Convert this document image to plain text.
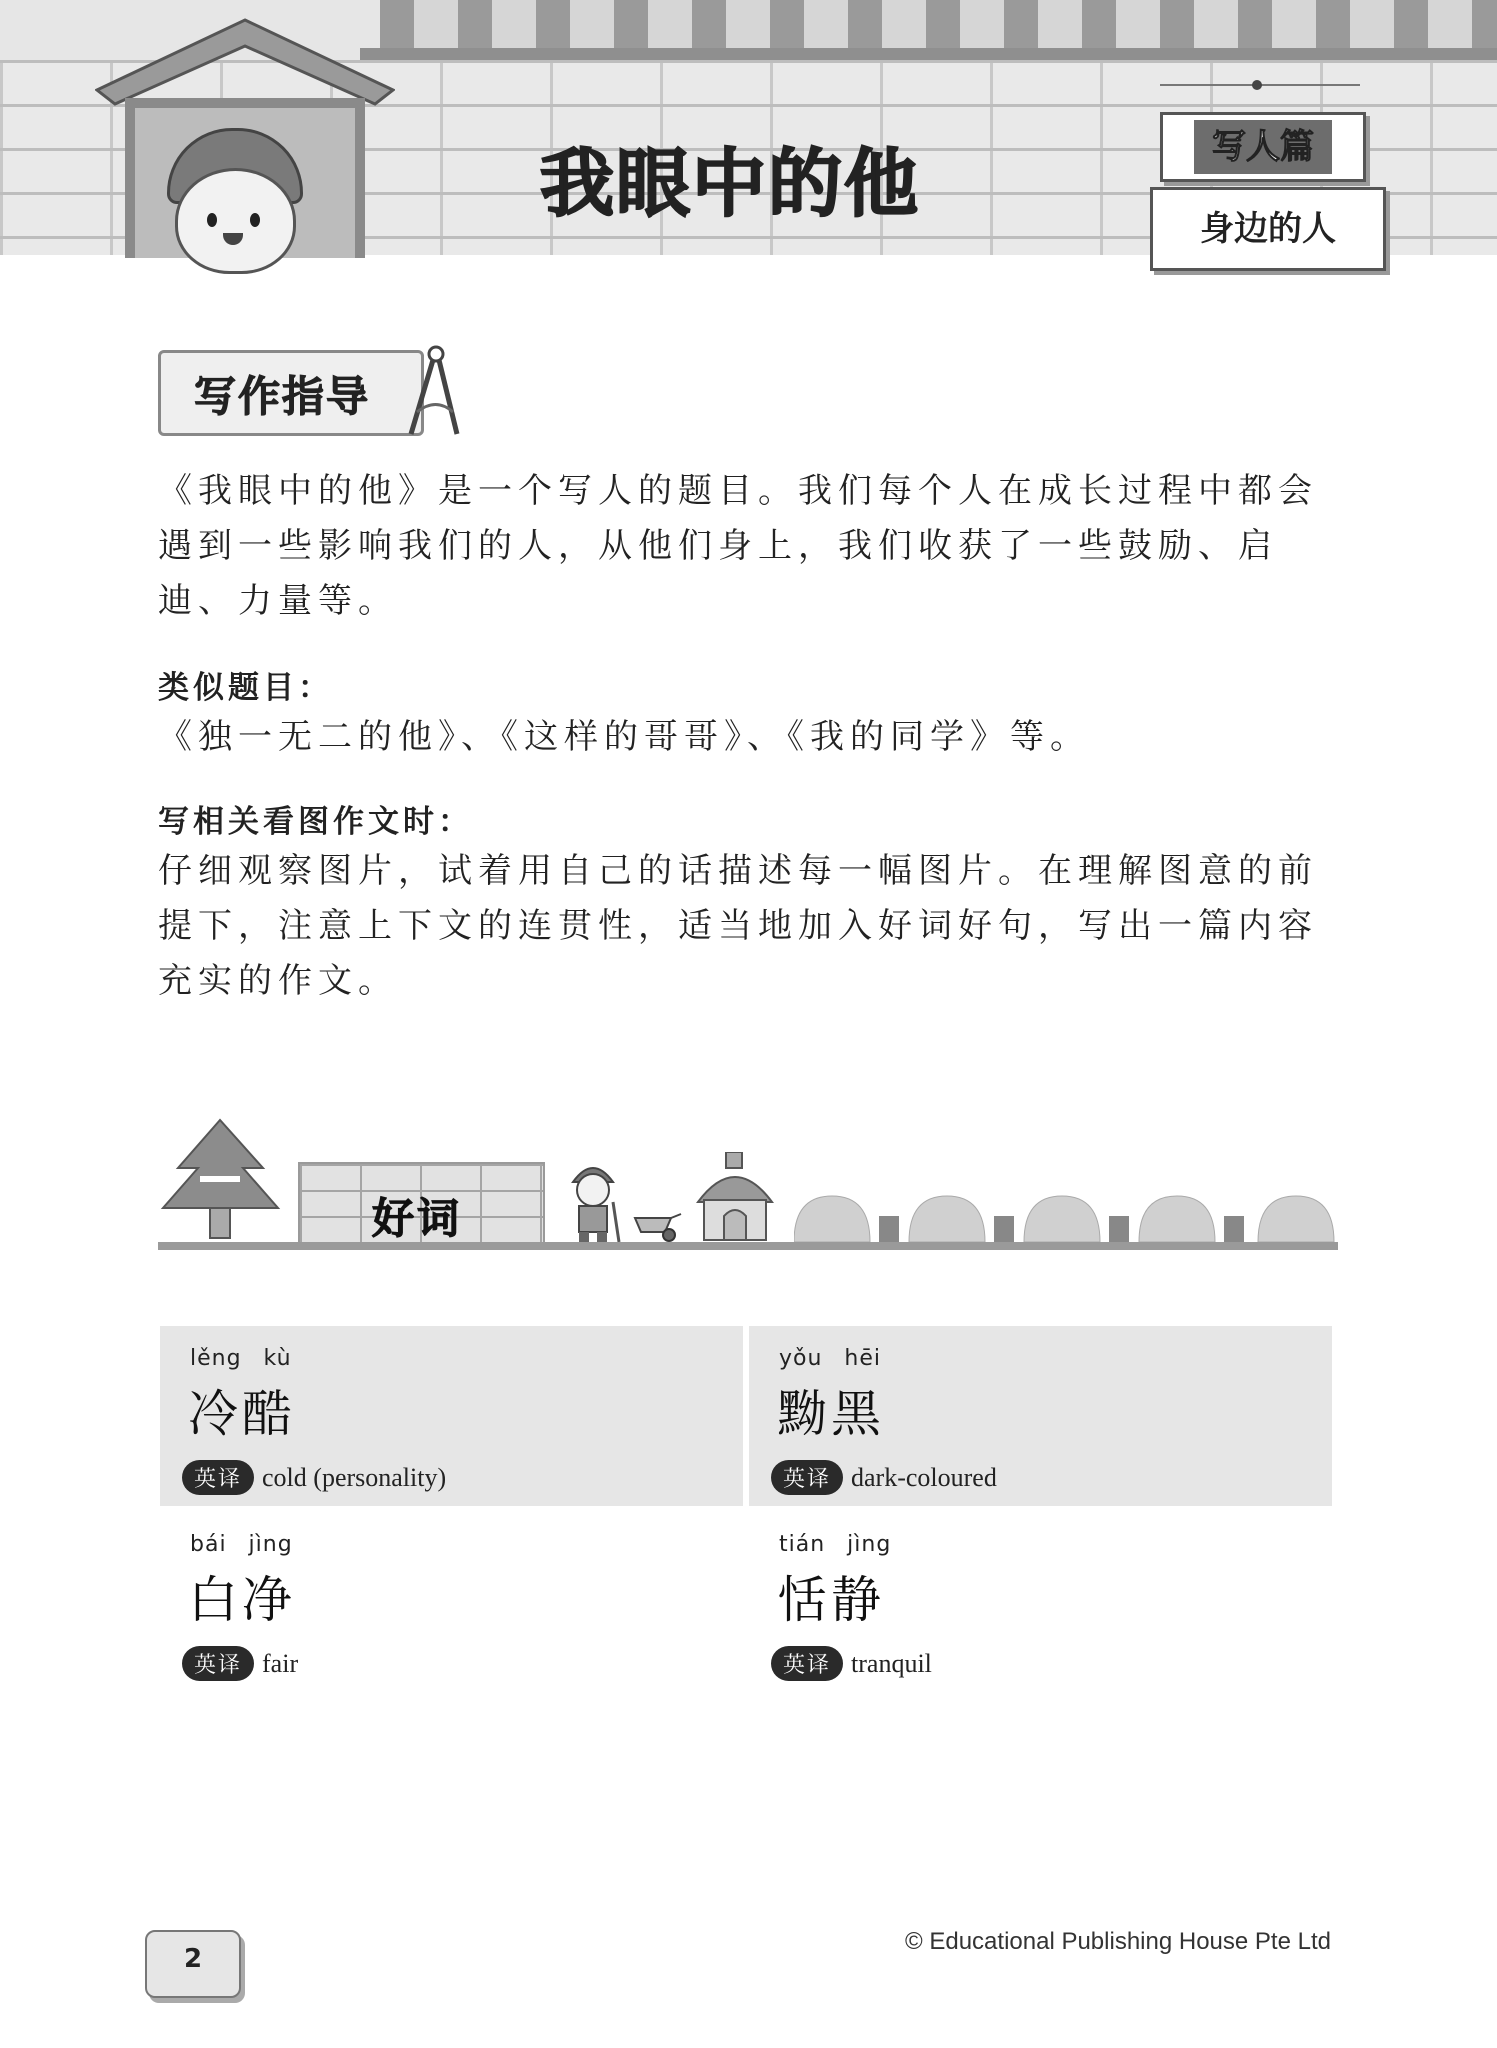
我眼中的他	写人篇
身边的人
写作指导
《我眼中的他》是一个写人的题目。我们每个人在成长过程中都会遇到一些影响我们的人，从他们身上，我们收获了一些鼓励、启迪、力量等。
类似题目：
《独一无二的他》、《这样的哥哥》、《我的同学》等。
写相关看图作文时：
仔细观察图片，试着用自己的话描述每一幅图片。在理解图意的前提下，注意上下文的连贯性，适当地加入好词好句，写出一篇内容充实的作文。
好词
lěng kù
冷酷
英译 cold (personality)
yǒu hēi
黝黑
英译 dark-coloured
bái jìng
白净
英译 fair
tián jìng
恬静
英译 tranquil
2
© Educational Publishing House Pte Ltd
